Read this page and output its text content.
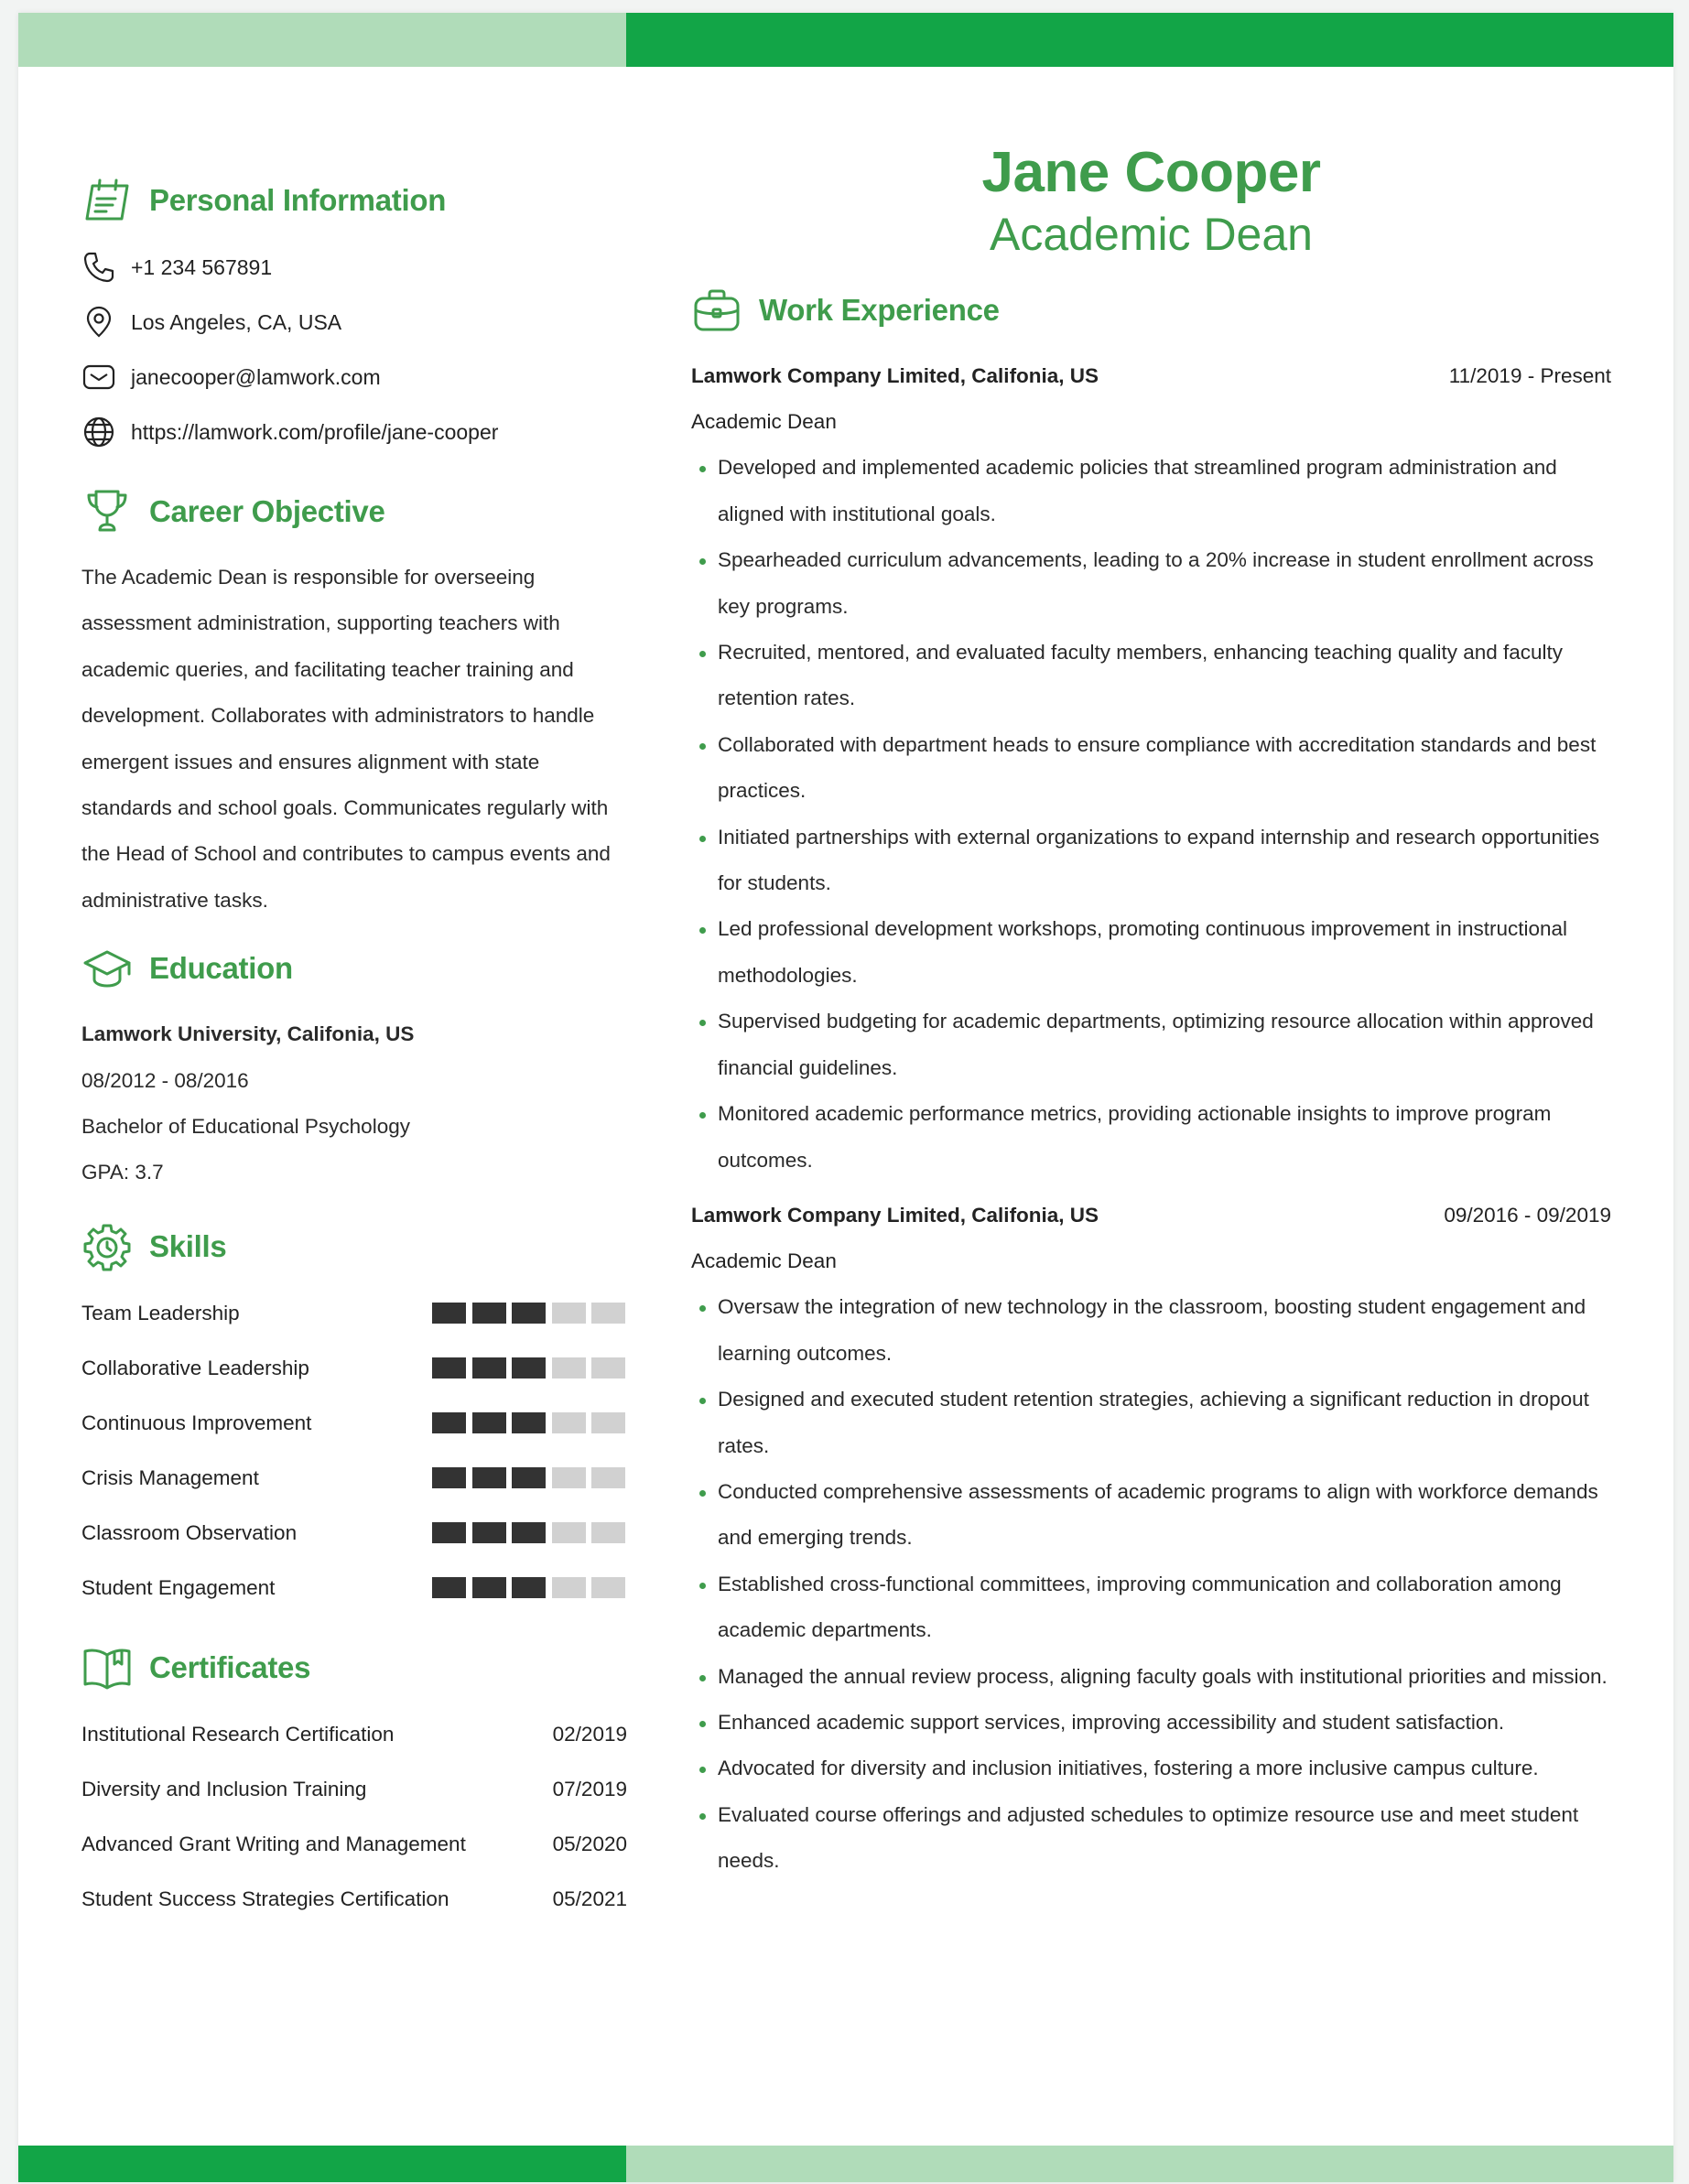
Personal Information
+1 234 567891
Los Angeles, CA, USA
janecooper@lamwork.com
https://lamwork.com/profile/jane-cooper
Career Objective

The Academic Dean is responsible for overseeing assessment administration, supporting teachers with academic queries, and facilitating teacher training and development. Collaborates with administrators to handle emergent issues and ensures alignment with state standards and school goals. Communicates regularly with the Head of School and contributes to campus events and administrative tasks.

Education
Lamwork University, Califonia, US
08/2012 - 08/2016
Bachelor of Educational Psychology
GPA: 3.7
Skills
Team Leadership
Collaborative Leadership
Continuous Improvement
Crisis Management
Classroom Observation
Student Engagement
Certificates
Institutional Research Certification	02/2019
Diversity and Inclusion Training	07/2019
Advanced Grant Writing and Management	05/2020
Student Success Strategies Certification	05/2021
Jane Cooper
Academic Dean
Work Experience
Lamwork Company Limited, Califonia, US	11/2019 - Present
Academic Dean
Developed and implemented academic policies that streamlined program administration and aligned with institutional goals.
Spearheaded curriculum advancements, leading to a 20% increase in student enrollment across key programs.
Recruited, mentored, and evaluated faculty members, enhancing teaching quality and faculty retention rates.
Collaborated with department heads to ensure compliance with accreditation standards and best practices.
Initiated partnerships with external organizations to expand internship and research opportunities for students.
Led professional development workshops, promoting continuous improvement in instructional methodologies.
Supervised budgeting for academic departments, optimizing resource allocation within approved financial guidelines.
Monitored academic performance metrics, providing actionable insights to improve program outcomes.
Lamwork Company Limited, Califonia, US	09/2016 - 09/2019
Academic Dean
Oversaw the integration of new technology in the classroom, boosting student engagement and learning outcomes.
Designed and executed student retention strategies, achieving a significant reduction in dropout rates.
Conducted comprehensive assessments of academic programs to align with workforce demands and emerging trends.
Established cross-functional committees, improving communication and collaboration among academic departments.
Managed the annual review process, aligning faculty goals with institutional priorities and mission.
Enhanced academic support services, improving accessibility and student satisfaction.
Advocated for diversity and inclusion initiatives, fostering a more inclusive campus culture.
Evaluated course offerings and adjusted schedules to optimize resource use and meet student needs.
